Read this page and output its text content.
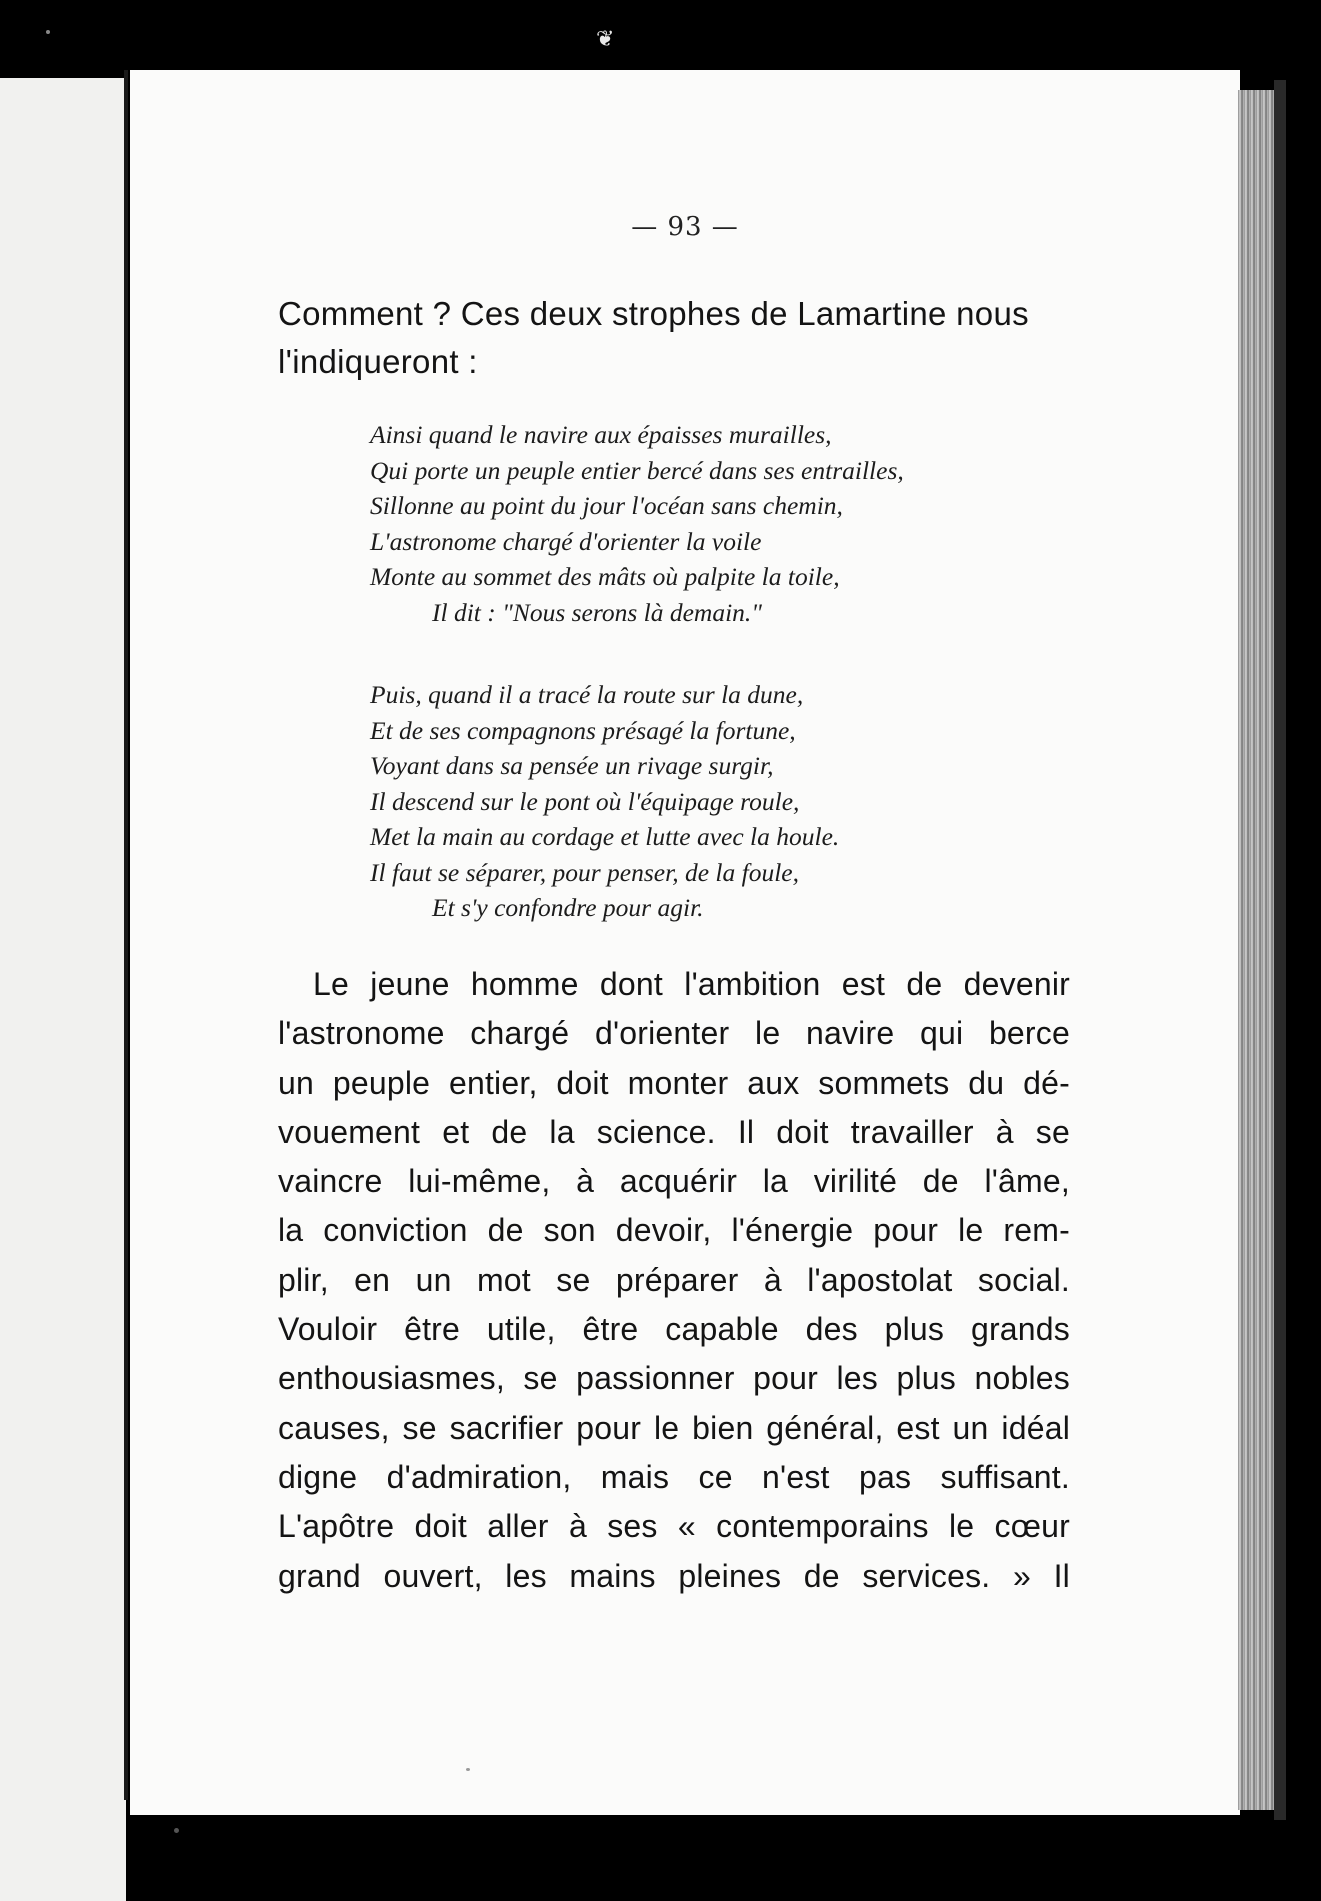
❦
— 93 —
Comment ? Ces deux strophes de Lamartine nous
l'indiqueront :
Ainsi quand le navire aux épaisses murailles,
Qui porte un peuple entier bercé dans ses entrailles,
Sillonne au point du jour l'océan sans chemin,
L'astronome chargé d'orienter la voile
Monte au sommet des mâts où palpite la toile,
Il dit : "Nous serons là demain."
Puis, quand il a tracé la route sur la dune,
Et de ses compagnons présagé la fortune,
Voyant dans sa pensée un rivage surgir,
Il descend sur le pont où l'équipage roule,
Met la main au cordage et lutte avec la houle.
Il faut se séparer, pour penser, de la foule,
Et s'y confondre pour agir.
Le jeune homme dont l'ambition est de devenir
l'astronome chargé d'orienter le navire qui berce
un peuple entier, doit monter aux sommets du dé-
vouement et de la science. Il doit travailler à se
vaincre lui-même, à acquérir la virilité de l'âme,
la conviction de son devoir, l'énergie pour le rem-
plir, en un mot se préparer à l'apostolat social.
Vouloir être utile, être capable des plus grands
enthousiasmes, se passionner pour les plus nobles
causes, se sacrifier pour le bien général, est un idéal
digne d'admiration, mais ce n'est pas suffisant.
L'apôtre doit aller à ses « contemporains le cœur
grand ouvert, les mains pleines de services. » Il
